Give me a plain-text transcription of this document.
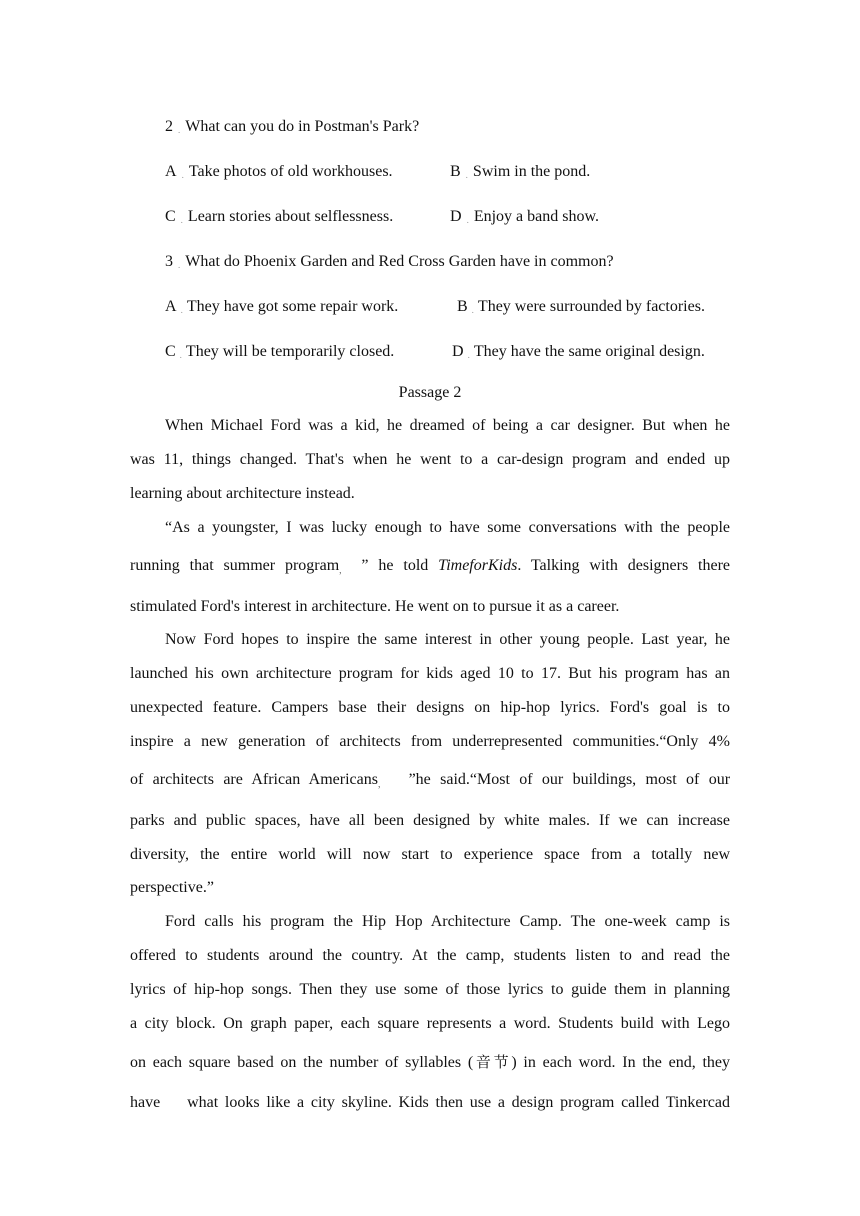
2 . What can you do in Postman's Park?
A . Take photos of old workhouses.	B . Swim in the pond.
C . Learn stories about selflessness.	D . Enjoy a band show.
3 . What do Phoenix Garden and Red Cross Garden have in common?
A . They have got some repair work.	B . They were surrounded by factories.
C . They will be temporarily closed.	D . They have the same original design.
Passage 2
When Michael Ford was a kid, he dreamed of being a car designer. But when he
was 11, things changed. That's when he went to a car-design program and ended up
learning about architecture instead.
“As a youngster, I was lucky enough to have some conversations with the people
running that summer program, ” he told TimeforKids. Talking with designers there
stimulated Ford's interest in architecture. He went on to pursue it as a career.
Now Ford hopes to inspire the same interest in other young people. Last year, he
launched his own architecture program for kids aged 10 to 17. But his program has an
unexpected feature. Campers base their designs on hip-hop lyrics. Ford's goal is to
inspire a new generation of architects from underrepresented communities.“Only 4%
of architects are African Americans, ”he said.“Most of our buildings, most of our
parks and public spaces, have all been designed by white males. If we can increase
diversity, the entire world will now start to experience space from a totally new
perspective.”
Ford calls his program the Hip Hop Architecture Camp. The one-week camp is
offered to students around the country. At the camp, students listen to and read the
lyrics of hip-hop songs. Then they use some of those lyrics to guide them in planning
a city block. On graph paper, each square represents a word. Students build with Lego
on each square based on the number of syllables (音节) in each word. In the end, they
have    what looks like a city skyline. Kids then use a design program called Tinkercad
